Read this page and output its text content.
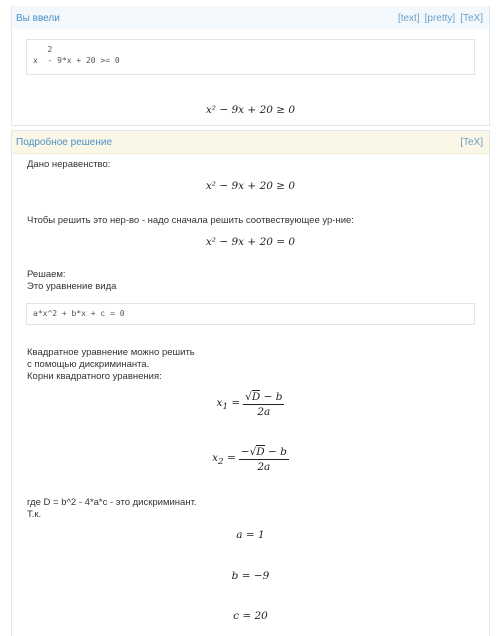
Вы ввели	[text] [pretty] [TeX]
2
x  - 9*x + 20 >= 0
x² − 9x + 20 ≥ 0
Подробное решение	[TeX]
Дано неравенство:
x² − 9x + 20 ≥ 0
Чтобы решить это нер-во - надо сначала решить соотвествующее ур-ние:
x² − 9x + 20 = 0
Решаем:
Это уравнение вида
a*x^2 + b*x + c = 0
Квадратное уравнение можно решить
с помощью дискриминанта.
Корни квадратного уравнения:
$x_1 = \frac{√D - b}{2a}$
$x_2 = \frac{-√D - b}{2a}$
где D = b^2 - 4*a*c - это дискриминант.
Т.к.
a = 1
b = −9
c = 20
